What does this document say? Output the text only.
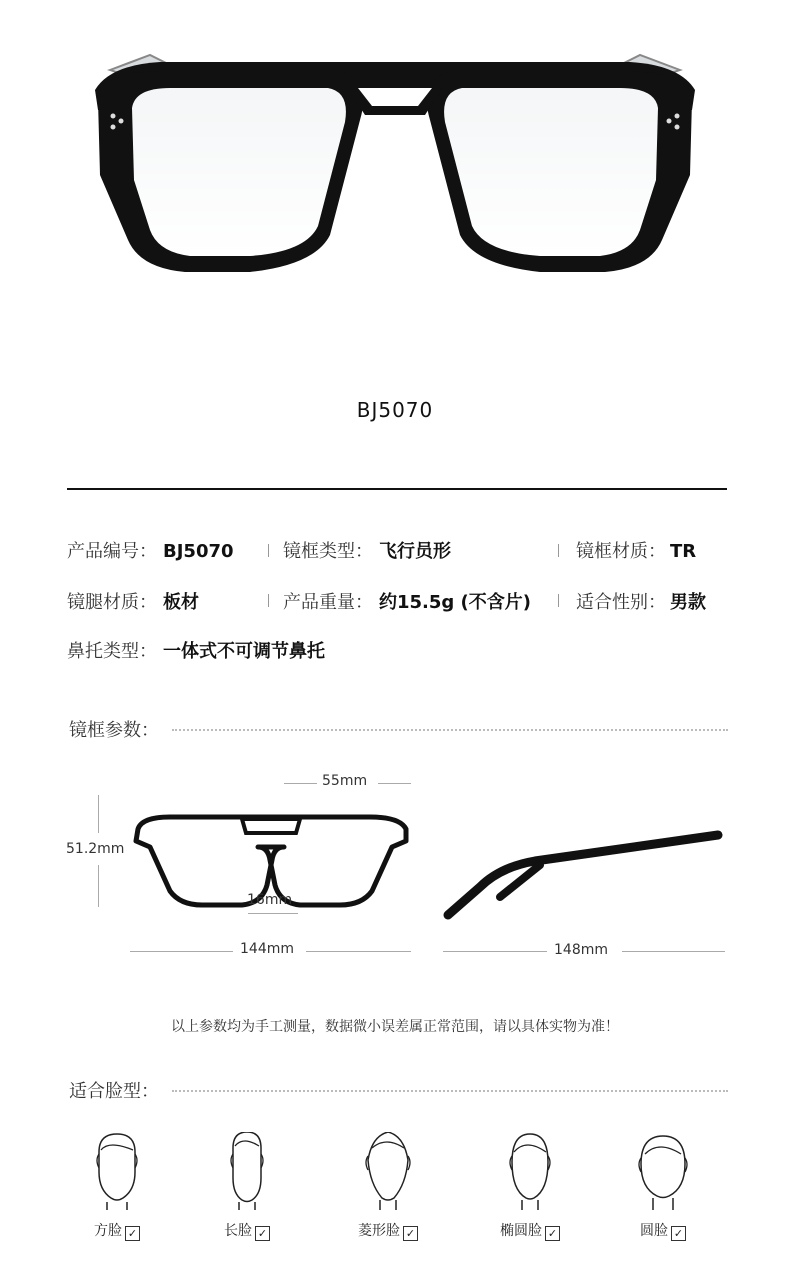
BJ5070
产品编号： BJ5070	镜框类型： 飞行员形	镜框材质： TR
镜腿材质： 板材	产品重量： 约15.5g (不含片) 适合性别： 男款
鼻托类型： 一体式不可调节鼻托
镜框参数：
55mm
51.2mm
16mm
144mm	148mm
以上参数均为手工测量，数据微小误差属正常范围，请以具体实物为准！
适合脸型：
方脸 ✓	长脸 ✓	菱形脸 ✓	椭圆脸 ✓	圆脸 ✓
